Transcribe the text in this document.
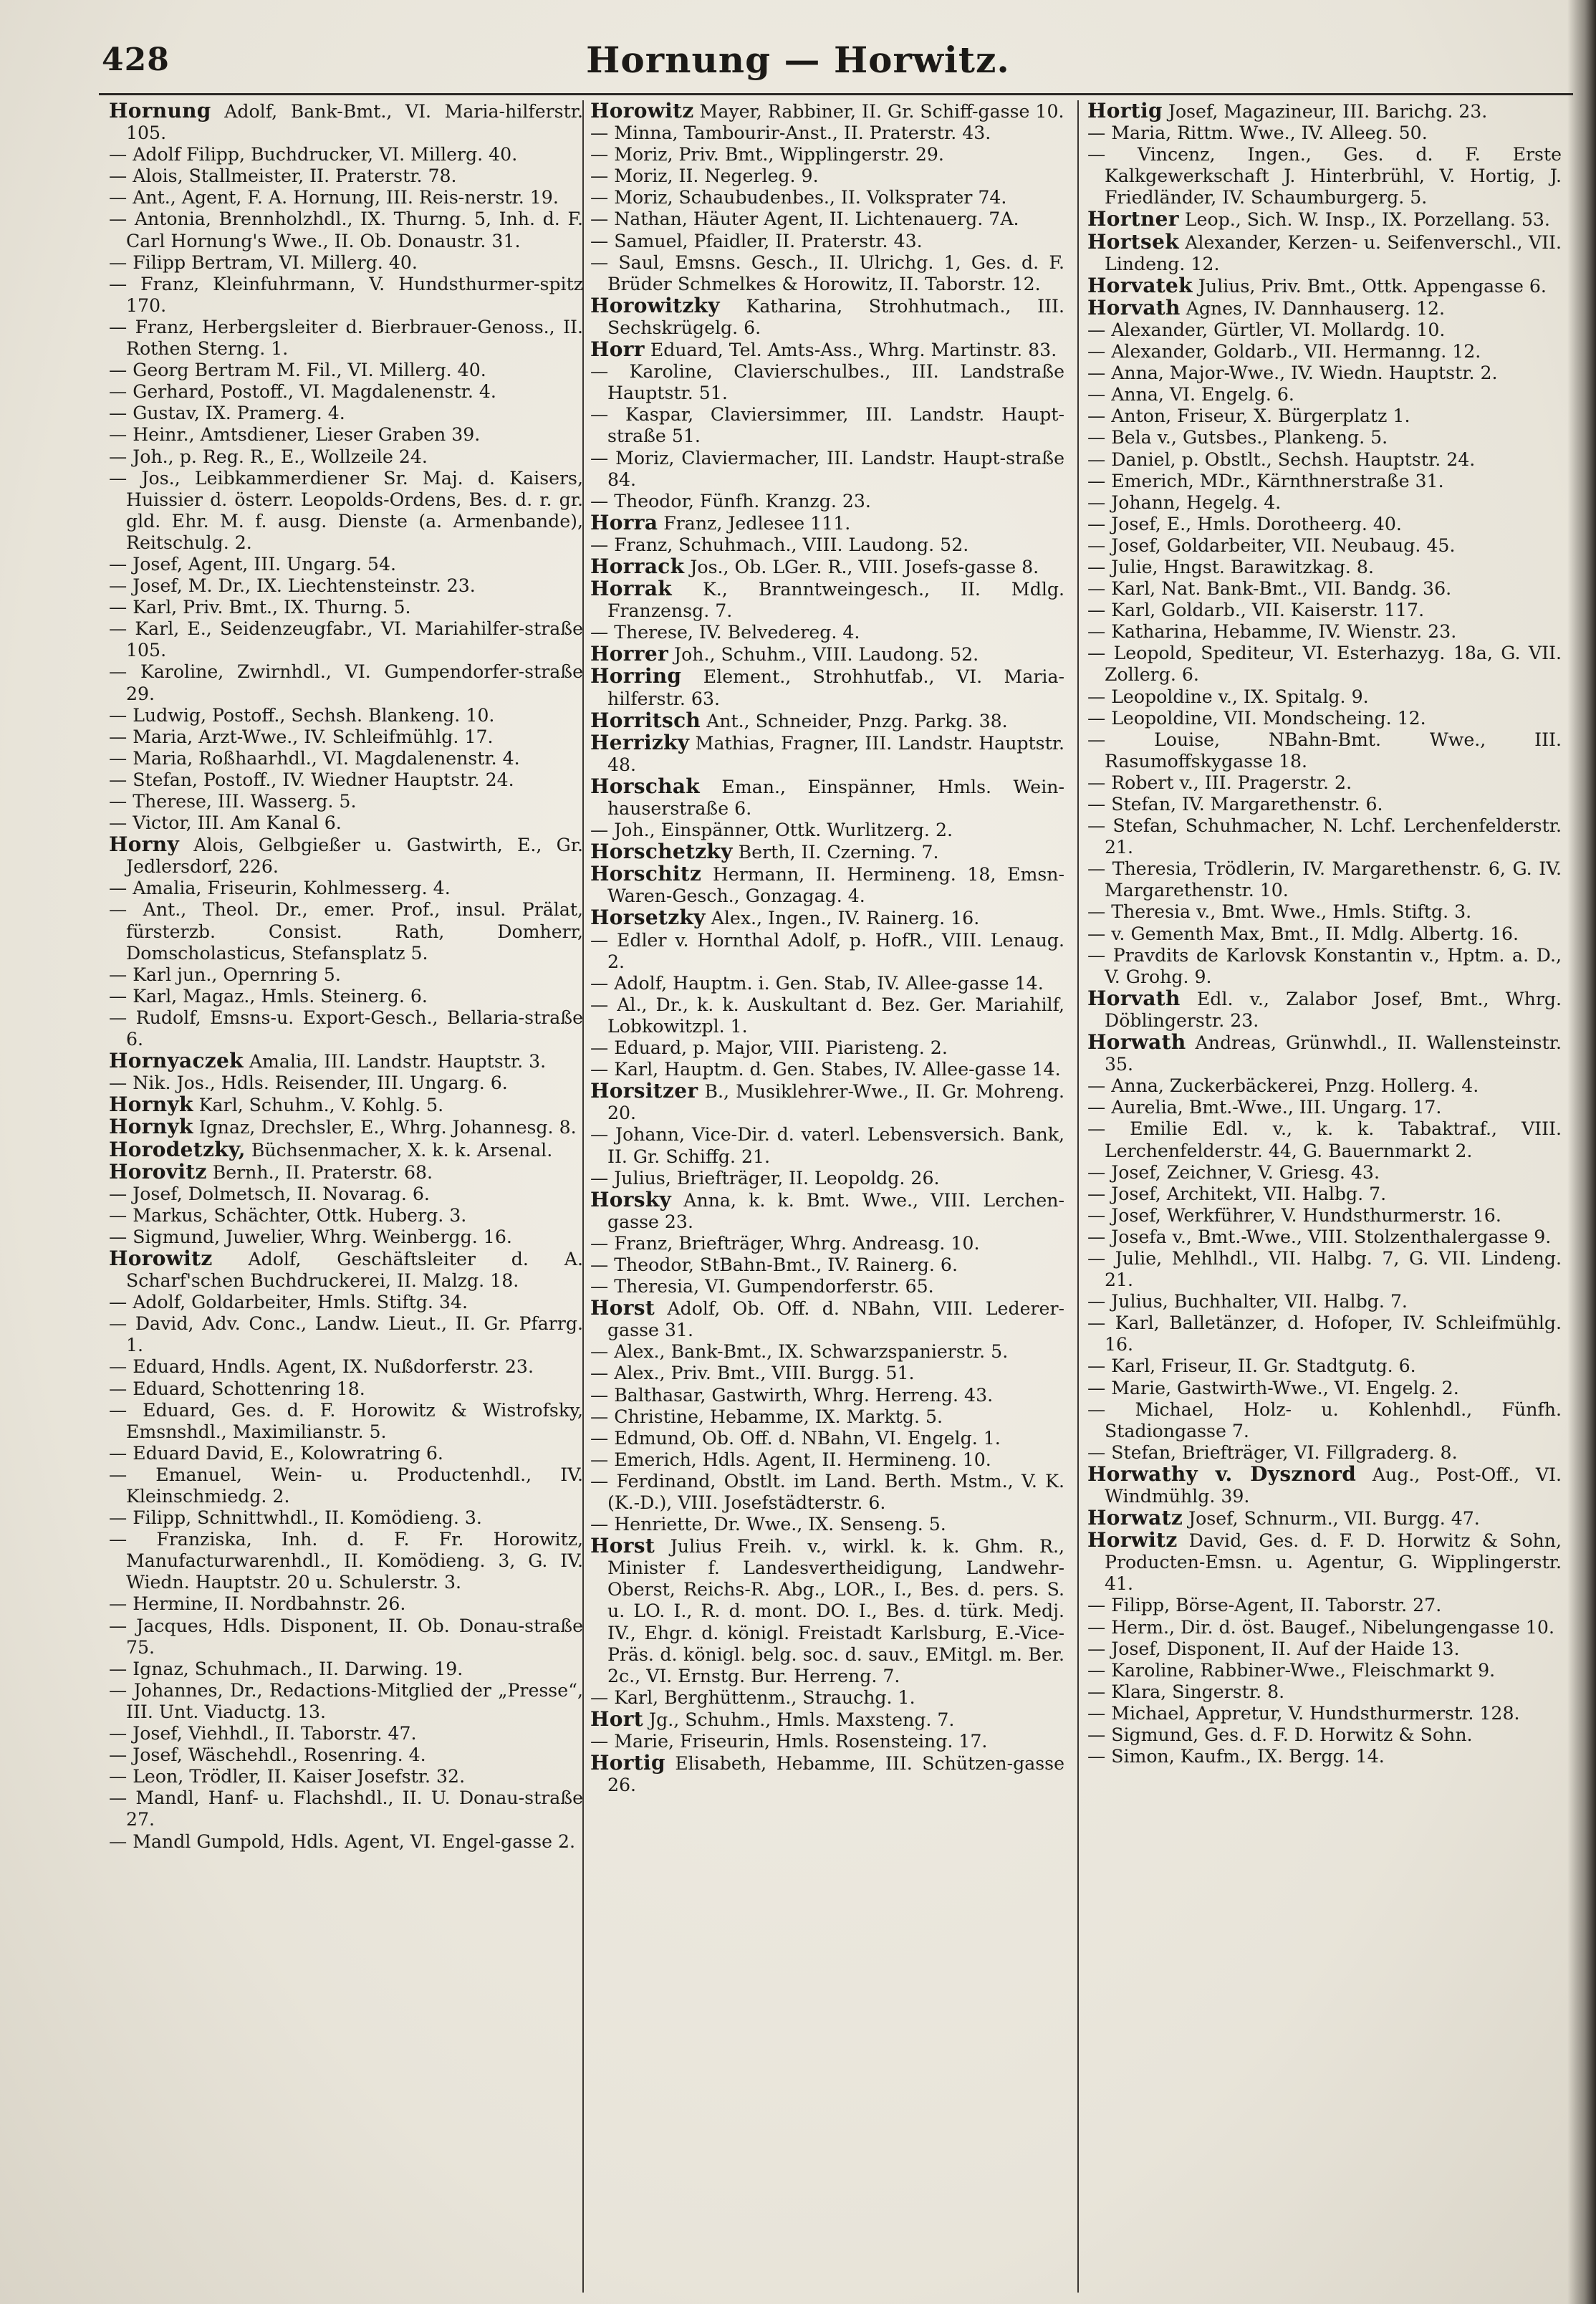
428	Hornung — Horwitz.
Hornung Adolf, Bank-Bmt., VI. Maria-hilferstr. 105.
— Adolf Filipp, Buchdrucker, VI. Millerg. 40.
— Alois, Stallmeister, II. Praterstr. 78.
— Ant., Agent, F. A. Hornung, III. Reis-nerstr. 19.
— Antonia, Brennholzhdl., IX. Thurng. 5, Inh. d. F. Carl Hornung's Wwe., II. Ob. Donaustr. 31.
— Filipp Bertram, VI. Millerg. 40.
— Franz, Kleinfuhrmann, V. Hundsthurmer-spitz 170.
— Franz, Herbergsleiter d. Bierbrauer-Genoss., II. Rothen Sterng. 1.
— Georg Bertram M. Fil., VI. Millerg. 40.
— Gerhard, Postoff., VI. Magdalenenstr. 4.
— Gustav, IX. Pramerg. 4.
— Heinr., Amtsdiener, Lieser Graben 39.
— Joh., p. Reg. R., E., Wollzeile 24.
— Jos., Leibkammerdiener Sr. Maj. d. Kaisers, Huissier d. österr. Leopolds-Ordens, Bes. d. r. gr. gld. Ehr. M. f. ausg. Dienste (a. Armenbande), Reitschulg. 2.
— Josef, Agent, III. Ungarg. 54.
— Josef, M. Dr., IX. Liechtensteinstr. 23.
— Karl, Priv. Bmt., IX. Thurng. 5.
— Karl, E., Seidenzeugfabr., VI. Mariahilfer-straße 105.
— Karoline, Zwirnhdl., VI. Gumpendorfer-straße 29.
— Ludwig, Postoff., Sechsh. Blankeng. 10.
— Maria, Arzt-Wwe., IV. Schleifmühlg. 17.
— Maria, Roßhaarhdl., VI. Magdalenenstr. 4.
— Stefan, Postoff., IV. Wiedner Hauptstr. 24.
— Therese, III. Wasserg. 5.
— Victor, III. Am Kanal 6.
Horny Alois, Gelbgießer u. Gastwirth, E., Gr. Jedlersdorf, 226.
— Amalia, Friseurin, Kohlmesserg. 4.
— Ant., Theol. Dr., emer. Prof., insul. Prälat, fürsterzb. Consist. Rath, Domherr, Domscholasticus, Stefansplatz 5.
— Karl jun., Opernring 5.
— Karl, Magaz., Hmls. Steinerg. 6.
— Rudolf, Emsns-u. Export-Gesch., Bellaria-straße 6.
Hornyaczek Amalia, III. Landstr. Hauptstr. 3.
— Nik. Jos., Hdls. Reisender, III. Ungarg. 6.
Hornyk Karl, Schuhm., V. Kohlg. 5.
Hornyk Ignaz, Drechsler, E., Whrg. Johannesg. 8.
Horodetzky, Büchsenmacher, X. k. k. Arsenal.
Horovitz Bernh., II. Praterstr. 68.
— Josef, Dolmetsch, II. Novarag. 6.
— Markus, Schächter, Ottk. Huberg. 3.
— Sigmund, Juwelier, Whrg. Weinbergg. 16.
Horowitz Adolf, Geschäftsleiter d. A. Scharf'schen Buchdruckerei, II. Malzg. 18.
— Adolf, Goldarbeiter, Hmls. Stiftg. 34.
— David, Adv. Conc., Landw. Lieut., II. Gr. Pfarrg. 1.
— Eduard, Hndls. Agent, IX. Nußdorferstr. 23.
— Eduard, Schottenring 18.
— Eduard, Ges. d. F. Horowitz & Wistrofsky, Emsnshdl., Maximilianstr. 5.
— Eduard David, E., Kolowratring 6.
— Emanuel, Wein- u. Productenhdl., IV. Kleinschmiedg. 2.
— Filipp, Schnittwhdl., II. Komödieng. 3.
— Franziska, Inh. d. F. Fr. Horowitz, Manufacturwarenhdl., II. Komödieng. 3, G. IV. Wiedn. Hauptstr. 20 u. Schulerstr. 3.
— Hermine, II. Nordbahnstr. 26.
— Jacques, Hdls. Disponent, II. Ob. Donau-straße 75.
— Ignaz, Schuhmach., II. Darwing. 19.
— Johannes, Dr., Redactions-Mitglied der „Presse“, III. Unt. Viaductg. 13.
— Josef, Viehhdl., II. Taborstr. 47.
— Josef, Wäschehdl., Rosenring. 4.
— Leon, Trödler, II. Kaiser Josefstr. 32.
— Mandl, Hanf- u. Flachshdl., II. U. Donau-straße 27.
— Mandl Gumpold, Hdls. Agent, VI. Engel-gasse 2.
Horowitz Mayer, Rabbiner, II. Gr. Schiff-gasse 10.
— Minna, Tambourir-Anst., II. Praterstr. 43.
— Moriz, Priv. Bmt., Wipplingerstr. 29.
— Moriz, II. Negerleg. 9.
— Moriz, Schaubudenbes., II. Volksprater 74.
— Nathan, Häuter Agent, II. Lichtenauerg. 7A.
— Samuel, Pfaidler, II. Praterstr. 43.
— Saul, Emsns. Gesch., II. Ulrichg. 1, Ges. d. F. Brüder Schmelkes & Horowitz, II. Taborstr. 12.
Horowitzky Katharina, Strohhutmach., III. Sechskrügelg. 6.
Horr Eduard, Tel. Amts-Ass., Whrg. Martinstr. 83.
— Karoline, Clavierschulbes., III. Landstraße Hauptstr. 51.
— Kaspar, Claviersimmer, III. Landstr. Haupt-straße 51.
— Moriz, Claviermacher, III. Landstr. Haupt-straße 84.
— Theodor, Fünfh. Kranzg. 23.
Horra Franz, Jedlesee 111.
— Franz, Schuhmach., VIII. Laudong. 52.
Horrack Jos., Ob. LGer. R., VIII. Josefs-gasse 8.
Horrak K., Branntweingesch., II. Mdlg. Franzensg. 7.
— Therese, IV. Belvedereg. 4.
Horrer Joh., Schuhm., VIII. Laudong. 52.
Horring Element., Strohhutfab., VI. Maria-hilferstr. 63.
Horritsch Ant., Schneider, Pnzg. Parkg. 38.
Herrizky Mathias, Fragner, III. Landstr. Hauptstr. 48.
Horschak Eman., Einspänner, Hmls. Wein-hauserstraße 6.
— Joh., Einspänner, Ottk. Wurlitzerg. 2.
Horschetzky Berth, II. Czerning. 7.
Horschitz Hermann, II. Hermineng. 18, Emsn-Waren-Gesch., Gonzagag. 4.
Horsetzky Alex., Ingen., IV. Rainerg. 16.
— Edler v. Hornthal Adolf, p. HofR., VIII. Lenaug. 2.
— Adolf, Hauptm. i. Gen. Stab, IV. Allee-gasse 14.
— Al., Dr., k. k. Auskultant d. Bez. Ger. Mariahilf, Lobkowitzpl. 1.
— Eduard, p. Major, VIII. Piaristeng. 2.
— Karl, Hauptm. d. Gen. Stabes, IV. Allee-gasse 14.
Horsitzer B., Musiklehrer-Wwe., II. Gr. Mohreng. 20.
— Johann, Vice-Dir. d. vaterl. Lebensversich. Bank, II. Gr. Schiffg. 21.
— Julius, Briefträger, II. Leopoldg. 26.
Horsky Anna, k. k. Bmt. Wwe., VIII. Lerchen-gasse 23.
— Franz, Briefträger, Whrg. Andreasg. 10.
— Theodor, StBahn-Bmt., IV. Rainerg. 6.
— Theresia, VI. Gumpendorferstr. 65.
Horst Adolf, Ob. Off. d. NBahn, VIII. Lederer-gasse 31.
— Alex., Bank-Bmt., IX. Schwarzspanierstr. 5.
— Alex., Priv. Bmt., VIII. Burgg. 51.
— Balthasar, Gastwirth, Whrg. Herreng. 43.
— Christine, Hebamme, IX. Marktg. 5.
— Edmund, Ob. Off. d. NBahn, VI. Engelg. 1.
— Emerich, Hdls. Agent, II. Hermineng. 10.
— Ferdinand, Obstlt. im Land. Berth. Mstm., V. K. (K.-D.), VIII. Josefstädterstr. 6.
— Henriette, Dr. Wwe., IX. Senseng. 5.
Horst Julius Freih. v., wirkl. k. k. Ghm. R., Minister f. Landesvertheidigung, Landwehr-Oberst, Reichs-R. Abg., LOR., I., Bes. d. pers. S. u. LO. I., R. d. mont. DO. I., Bes. d. türk. Medj. IV., Ehgr. d. königl. Freistadt Karlsburg, E.-Vice-Präs. d. königl. belg. soc. d. sauv., EMitgl. m. Ber. 2c., VI. Ernstg. Bur. Herreng. 7.
— Karl, Berghüttenm., Strauchg. 1.
Hort Jg., Schuhm., Hmls. Maxsteng. 7.
— Marie, Friseurin, Hmls. Rosensteing. 17.
Hortig Elisabeth, Hebamme, III. Schützen-gasse 26.
Hortig Josef, Magazineur, III. Barichg. 23.
— Maria, Rittm. Wwe., IV. Alleeg. 50.
— Vincenz, Ingen., Ges. d. F. Erste Kalkgewerkschaft J. Hinterbrühl, V. Hortig, J. Friedländer, IV. Schaumburgerg. 5.
Hortner Leop., Sich. W. Insp., IX. Porzellang. 53.
Hortsek Alexander, Kerzen- u. Seifenverschl., VII. Lindeng. 12.
Horvatek Julius, Priv. Bmt., Ottk. Appengasse 6.
Horvath Agnes, IV. Dannhauserg. 12.
— Alexander, Gürtler, VI. Mollardg. 10.
— Alexander, Goldarb., VII. Hermanng. 12.
— Anna, Major-Wwe., IV. Wiedn. Hauptstr. 2.
— Anna, VI. Engelg. 6.
— Anton, Friseur, X. Bürgerplatz 1.
— Bela v., Gutsbes., Plankeng. 5.
— Daniel, p. Obstlt., Sechsh. Hauptstr. 24.
— Emerich, MDr., Kärnthnerstraße 31.
— Johann, Hegelg. 4.
— Josef, E., Hmls. Dorotheerg. 40.
— Josef, Goldarbeiter, VII. Neubaug. 45.
— Julie, Hngst. Barawitzkag. 8.
— Karl, Nat. Bank-Bmt., VII. Bandg. 36.
— Karl, Goldarb., VII. Kaiserstr. 117.
— Katharina, Hebamme, IV. Wienstr. 23.
— Leopold, Spediteur, VI. Esterhazyg. 18a, G. VII. Zollerg. 6.
— Leopoldine v., IX. Spitalg. 9.
— Leopoldine, VII. Mondscheing. 12.
— Louise, NBahn-Bmt. Wwe., III. Rasumoffskygasse 18.
— Robert v., III. Pragerstr. 2.
— Stefan, IV. Margarethenstr. 6.
— Stefan, Schuhmacher, N. Lchf. Lerchenfelderstr. 21.
— Theresia, Trödlerin, IV. Margarethenstr. 6, G. IV. Margarethenstr. 10.
— Theresia v., Bmt. Wwe., Hmls. Stiftg. 3.
— v. Gementh Max, Bmt., II. Mdlg. Albertg. 16.
— Pravdits de Karlovsk Konstantin v., Hptm. a. D., V. Grohg. 9.
Horvath Edl. v., Zalabor Josef, Bmt., Whrg. Döblingerstr. 23.
Horwath Andreas, Grünwhdl., II. Wallensteinstr. 35.
— Anna, Zuckerbäckerei, Pnzg. Hollerg. 4.
— Aurelia, Bmt.-Wwe., III. Ungarg. 17.
— Emilie Edl. v., k. k. Tabaktraf., VIII. Lerchenfelderstr. 44, G. Bauernmarkt 2.
— Josef, Zeichner, V. Griesg. 43.
— Josef, Architekt, VII. Halbg. 7.
— Josef, Werkführer, V. Hundsthurmerstr. 16.
— Josefa v., Bmt.-Wwe., VIII. Stolzenthalergasse 9.
— Julie, Mehlhdl., VII. Halbg. 7, G. VII. Lindeng. 21.
— Julius, Buchhalter, VII. Halbg. 7.
— Karl, Balletänzer, d. Hofoper, IV. Schleifmühlg. 16.
— Karl, Friseur, II. Gr. Stadtgutg. 6.
— Marie, Gastwirth-Wwe., VI. Engelg. 2.
— Michael, Holz- u. Kohlenhdl., Fünfh. Stadiongasse 7.
— Stefan, Briefträger, VI. Fillgraderg. 8.
Horwathy v. Dysznord Aug., Post-Off., VI. Windmühlg. 39.
Horwatz Josef, Schnurm., VII. Burgg. 47.
Horwitz David, Ges. d. F. D. Horwitz & Sohn, Producten-Emsn. u. Agentur, G. Wipplingerstr. 41.
— Filipp, Börse-Agent, II. Taborstr. 27.
— Herm., Dir. d. öst. Baugef., Nibelungengasse 10.
— Josef, Disponent, II. Auf der Haide 13.
— Karoline, Rabbiner-Wwe., Fleischmarkt 9.
— Klara, Singerstr. 8.
— Michael, Appretur, V. Hundsthurmerstr. 128.
— Sigmund, Ges. d. F. D. Horwitz & Sohn.
— Simon, Kaufm., IX. Bergg. 14.
